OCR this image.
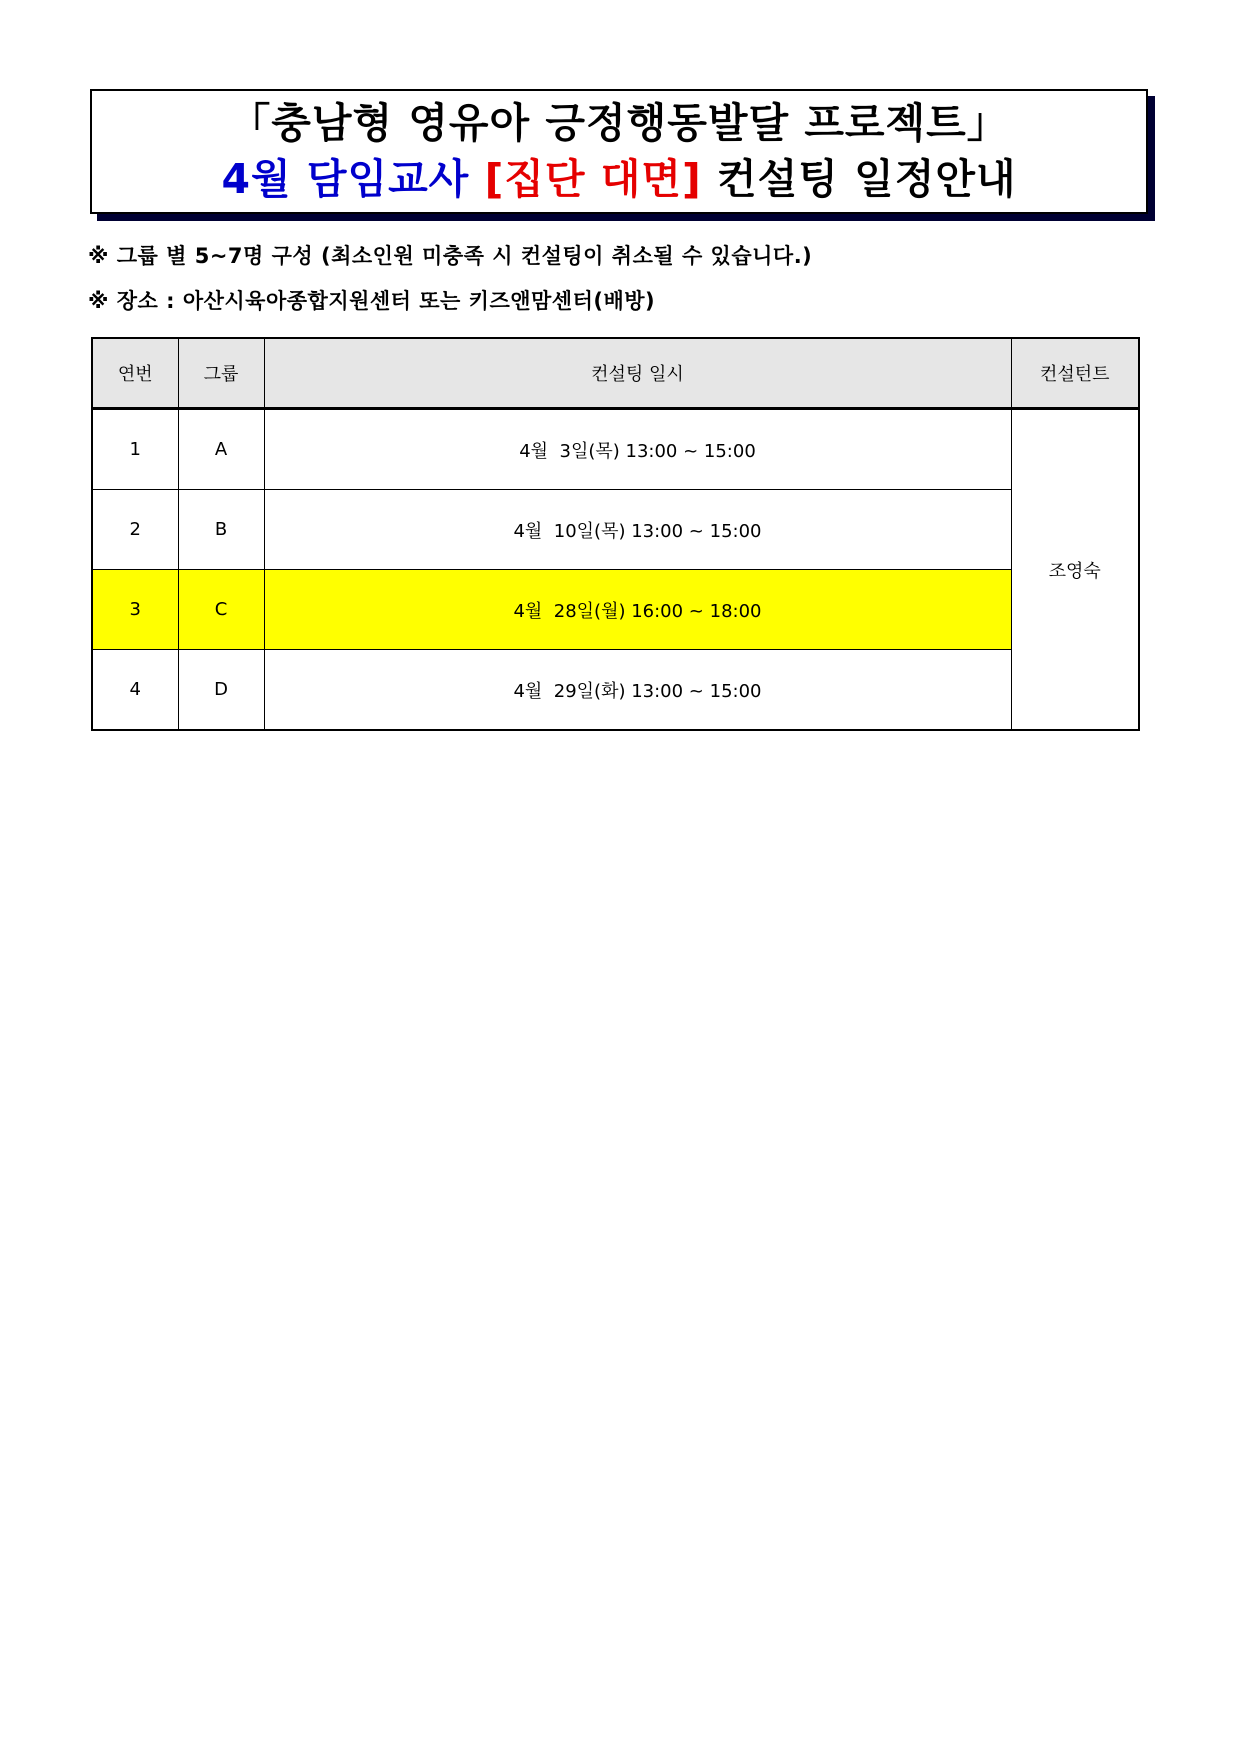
「충남형 영유아 긍정행동발달 프로젝트」
4월 담임교사 [집단 대면] 컨설팅 일정안내
※ 그룹 별 5~7명 구성 (최소인원 미충족 시 컨설팅이 취소될 수 있습니다.)
※ 장소 : 아산시육아종합지원센터 또는 키즈앤맘센터(배방)
연번	그룹	컨설팅 일시	컨설턴트
1	A	4월  3일(목) 13:00 ~ 15:00	조영숙
2	B	4월  10일(목) 13:00 ~ 15:00	
3	C	4월  28일(월) 16:00 ~ 18:00	
4	D	4월  29일(화) 13:00 ~ 15:00	
